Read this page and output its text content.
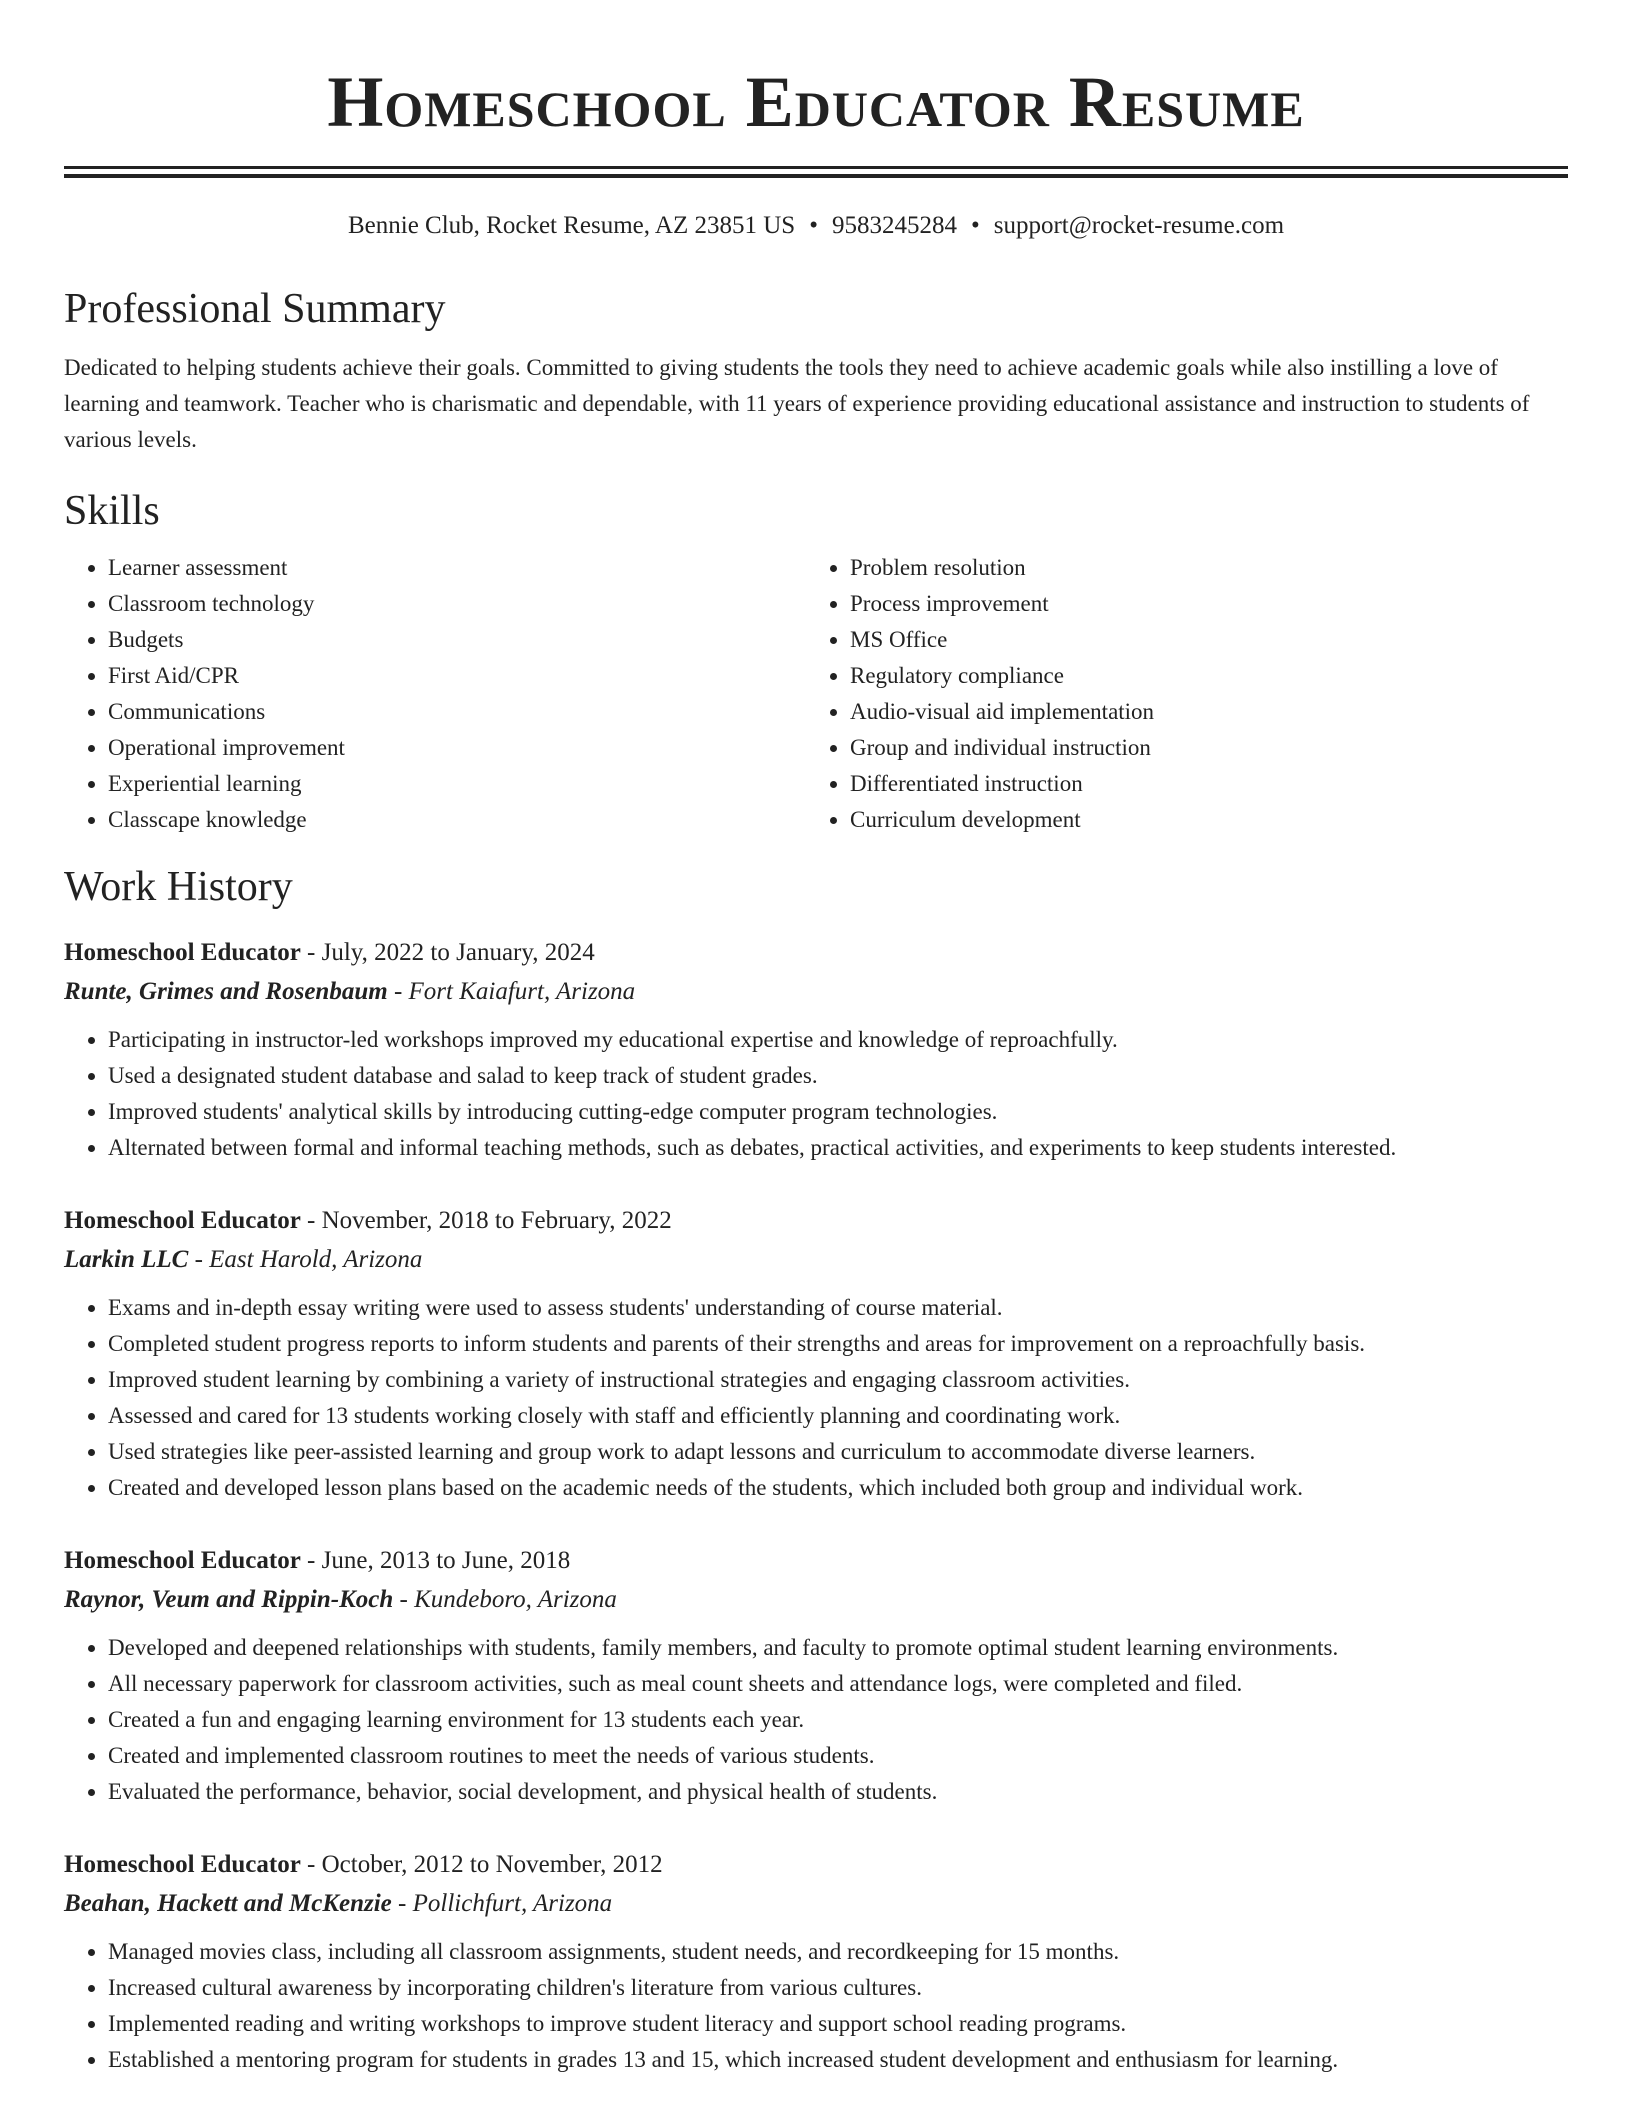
Homeschool Educator Resume
Bennie Club, Rocket Resume, AZ 23851 US • 9583245284 • support@rocket-resume.com
Professional Summary

Dedicated to helping students achieve their goals. Committed to giving students the tools they need to achieve academic goals while also instilling a love of learning and teamwork. Teacher who is charismatic and dependable, with 11 years of experience providing educational assistance and instruction to students of various levels.

Skills
• Learner assessment
• Classroom technology
• Budgets
• First Aid/CPR
• Communications
• Operational improvement
• Experiential learning
• Classcape knowledge
• Problem resolution
• Process improvement
• MS Office
• Regulatory compliance
• Audio-visual aid implementation
• Group and individual instruction
• Differentiated instruction
• Curriculum development
Work History
Homeschool Educator - July, 2022 to January, 2024
Runte, Grimes and Rosenbaum - Fort Kaiafurt, Arizona
• Participating in instructor-led workshops improved my educational expertise and knowledge of reproachfully.
• Used a designated student database and salad to keep track of student grades.
• Improved students' analytical skills by introducing cutting-edge computer program technologies.
• Alternated between formal and informal teaching methods, such as debates, practical activities, and experiments to keep students interested.
Homeschool Educator - November, 2018 to February, 2022
Larkin LLC - East Harold, Arizona
• Exams and in-depth essay writing were used to assess students' understanding of course material.
• Completed student progress reports to inform students and parents of their strengths and areas for improvement on a reproachfully basis.
• Improved student learning by combining a variety of instructional strategies and engaging classroom activities.
• Assessed and cared for 13 students working closely with staff and efficiently planning and coordinating work.
• Used strategies like peer-assisted learning and group work to adapt lessons and curriculum to accommodate diverse learners.
• Created and developed lesson plans based on the academic needs of the students, which included both group and individual work.
Homeschool Educator - June, 2013 to June, 2018
Raynor, Veum and Rippin-Koch - Kundeboro, Arizona
• Developed and deepened relationships with students, family members, and faculty to promote optimal student learning environments.
• All necessary paperwork for classroom activities, such as meal count sheets and attendance logs, were completed and filed.
• Created a fun and engaging learning environment for 13 students each year.
• Created and implemented classroom routines to meet the needs of various students.
• Evaluated the performance, behavior, social development, and physical health of students.
Homeschool Educator - October, 2012 to November, 2012
Beahan, Hackett and McKenzie - Pollichfurt, Arizona
• Managed movies class, including all classroom assignments, student needs, and recordkeeping for 15 months.
• Increased cultural awareness by incorporating children's literature from various cultures.
• Implemented reading and writing workshops to improve student literacy and support school reading programs.
• Established a mentoring program for students in grades 13 and 15, which increased student development and enthusiasm for learning.
